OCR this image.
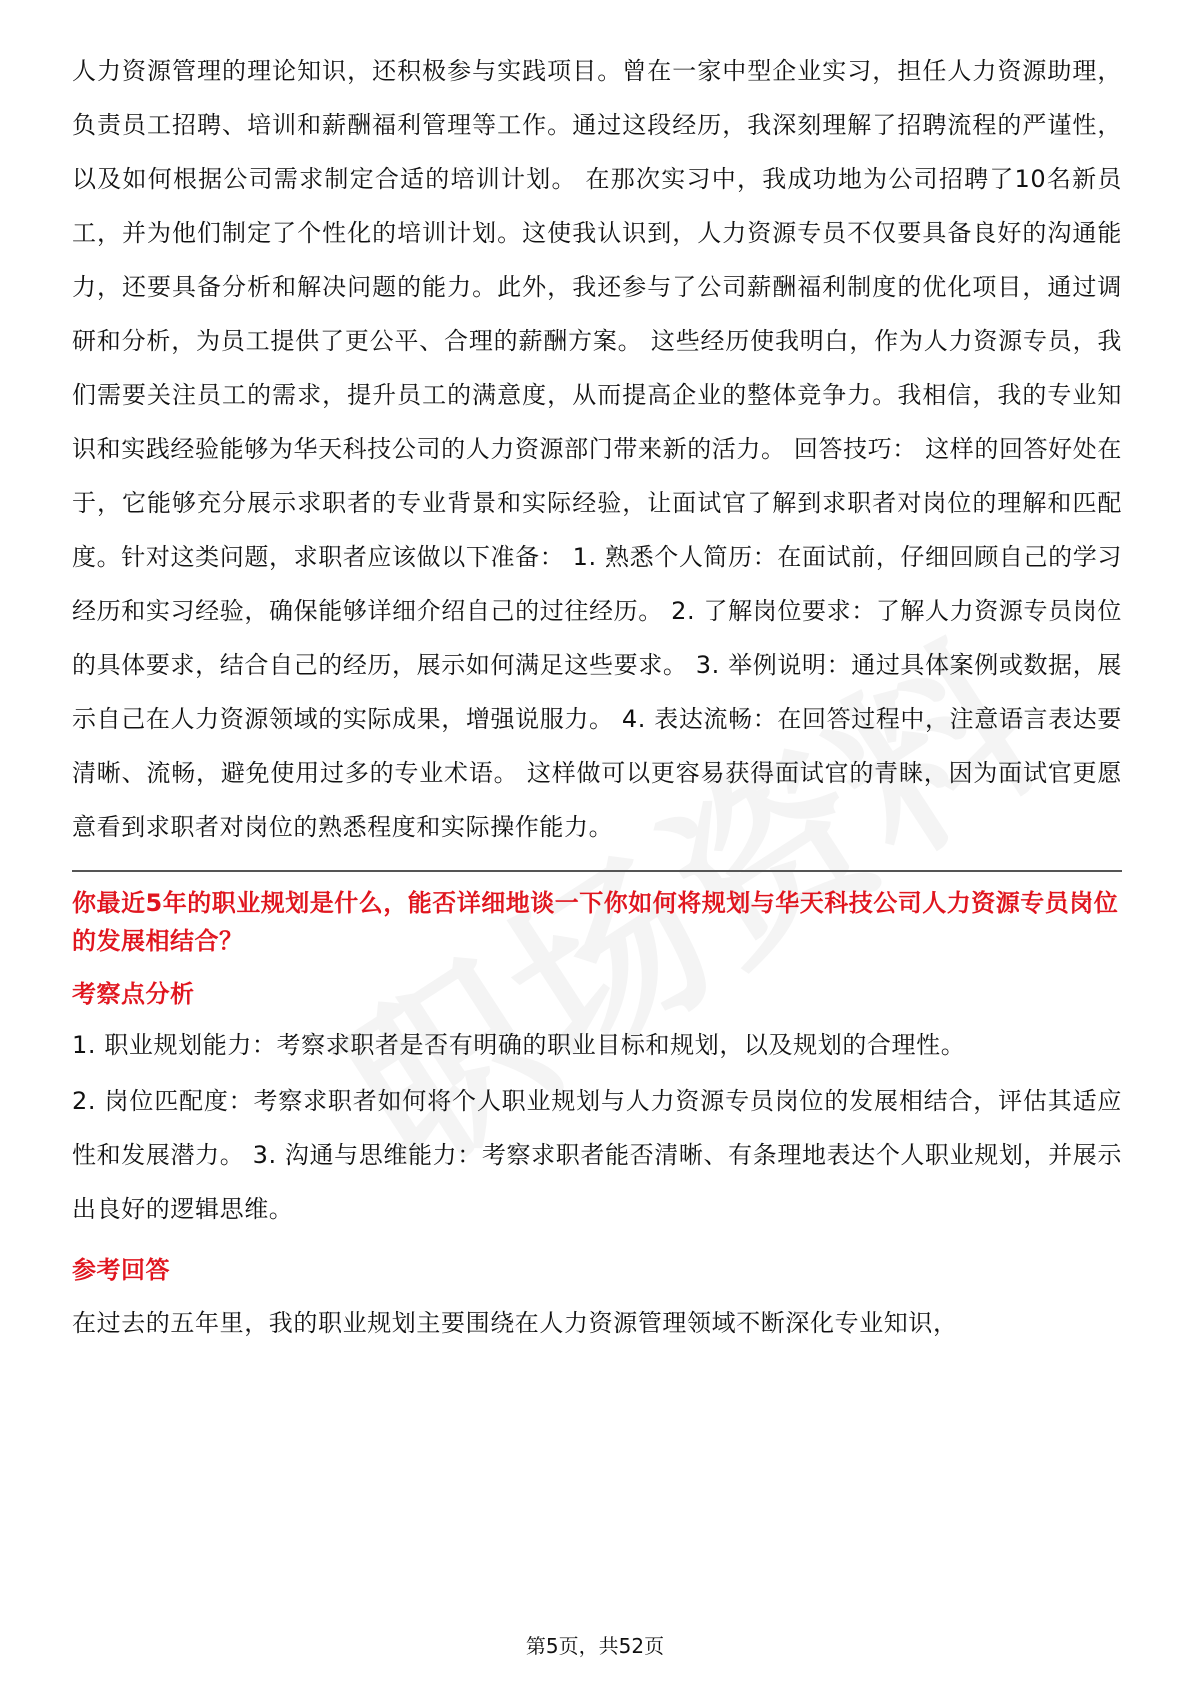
人力资源管理的理论知识，还积极参与实践项目。曾在一家中型企业实习，担任人力资源助理，负责员工招聘、培训和薪酬福利管理等工作。通过这段经历，我深刻理解了招聘流程的严谨性，以及如何根据公司需求制定合适的培训计划。 在那次实习中，我成功地为公司招聘了10名新员工，并为他们制定了个性化的培训计划。这使我认识到，人力资源专员不仅要具备良好的沟通能力，还要具备分析和解决问题的能力。此外，我还参与了公司薪酬福利制度的优化项目，通过调研和分析，为员工提供了更公平、合理的薪酬方案。 这些经历使我明白，作为人力资源专员，我们需要关注员工的需求，提升员工的满意度，从而提高企业的整体竞争力。我相信，我的专业知识和实践经验能够为华天科技公司的人力资源部门带来新的活力。 回答技巧： 这样的回答好处在于，它能够充分展示求职者的专业背景和实际经验，让面试官了解到求职者对岗位的理解和匹配度。针对这类问题，求职者应该做以下准备： 1. 熟悉个人简历：在面试前，仔细回顾自己的学习经历和实习经验，确保能够详细介绍自己的过往经历。 2. 了解岗位要求：了解人力资源专员岗位的具体要求，结合自己的经历，展示如何满足这些要求。 3. 举例说明：通过具体案例或数据，展示自己在人力资源领域的实际成果，增强说服力。 4. 表达流畅：在回答过程中，注意语言表达要清晰、流畅，避免使用过多的专业术语。 这样做可以更容易获得面试官的青睐，因为面试官更愿意看到求职者对岗位的熟悉程度和实际操作能力。

你最近5年的职业规划是什么，能否详细地谈一下你如何将规划与华天科技公司人力资源专员岗位的发展相结合？

考察点分析

1. 职业规划能力：考察求职者是否有明确的职业目标和规划，以及规划的合理性。

2. 岗位匹配度：考察求职者如何将个人职业规划与人力资源专员岗位的发展相结合，评估其适应性和发展潜力。 3. 沟通与思维能力：考察求职者能否清晰、有条理地表达个人职业规划，并展示出良好的逻辑思维。

参考回答

在过去的五年里，我的职业规划主要围绕在人力资源管理领域不断深化专业知识，

第5页，共52页
